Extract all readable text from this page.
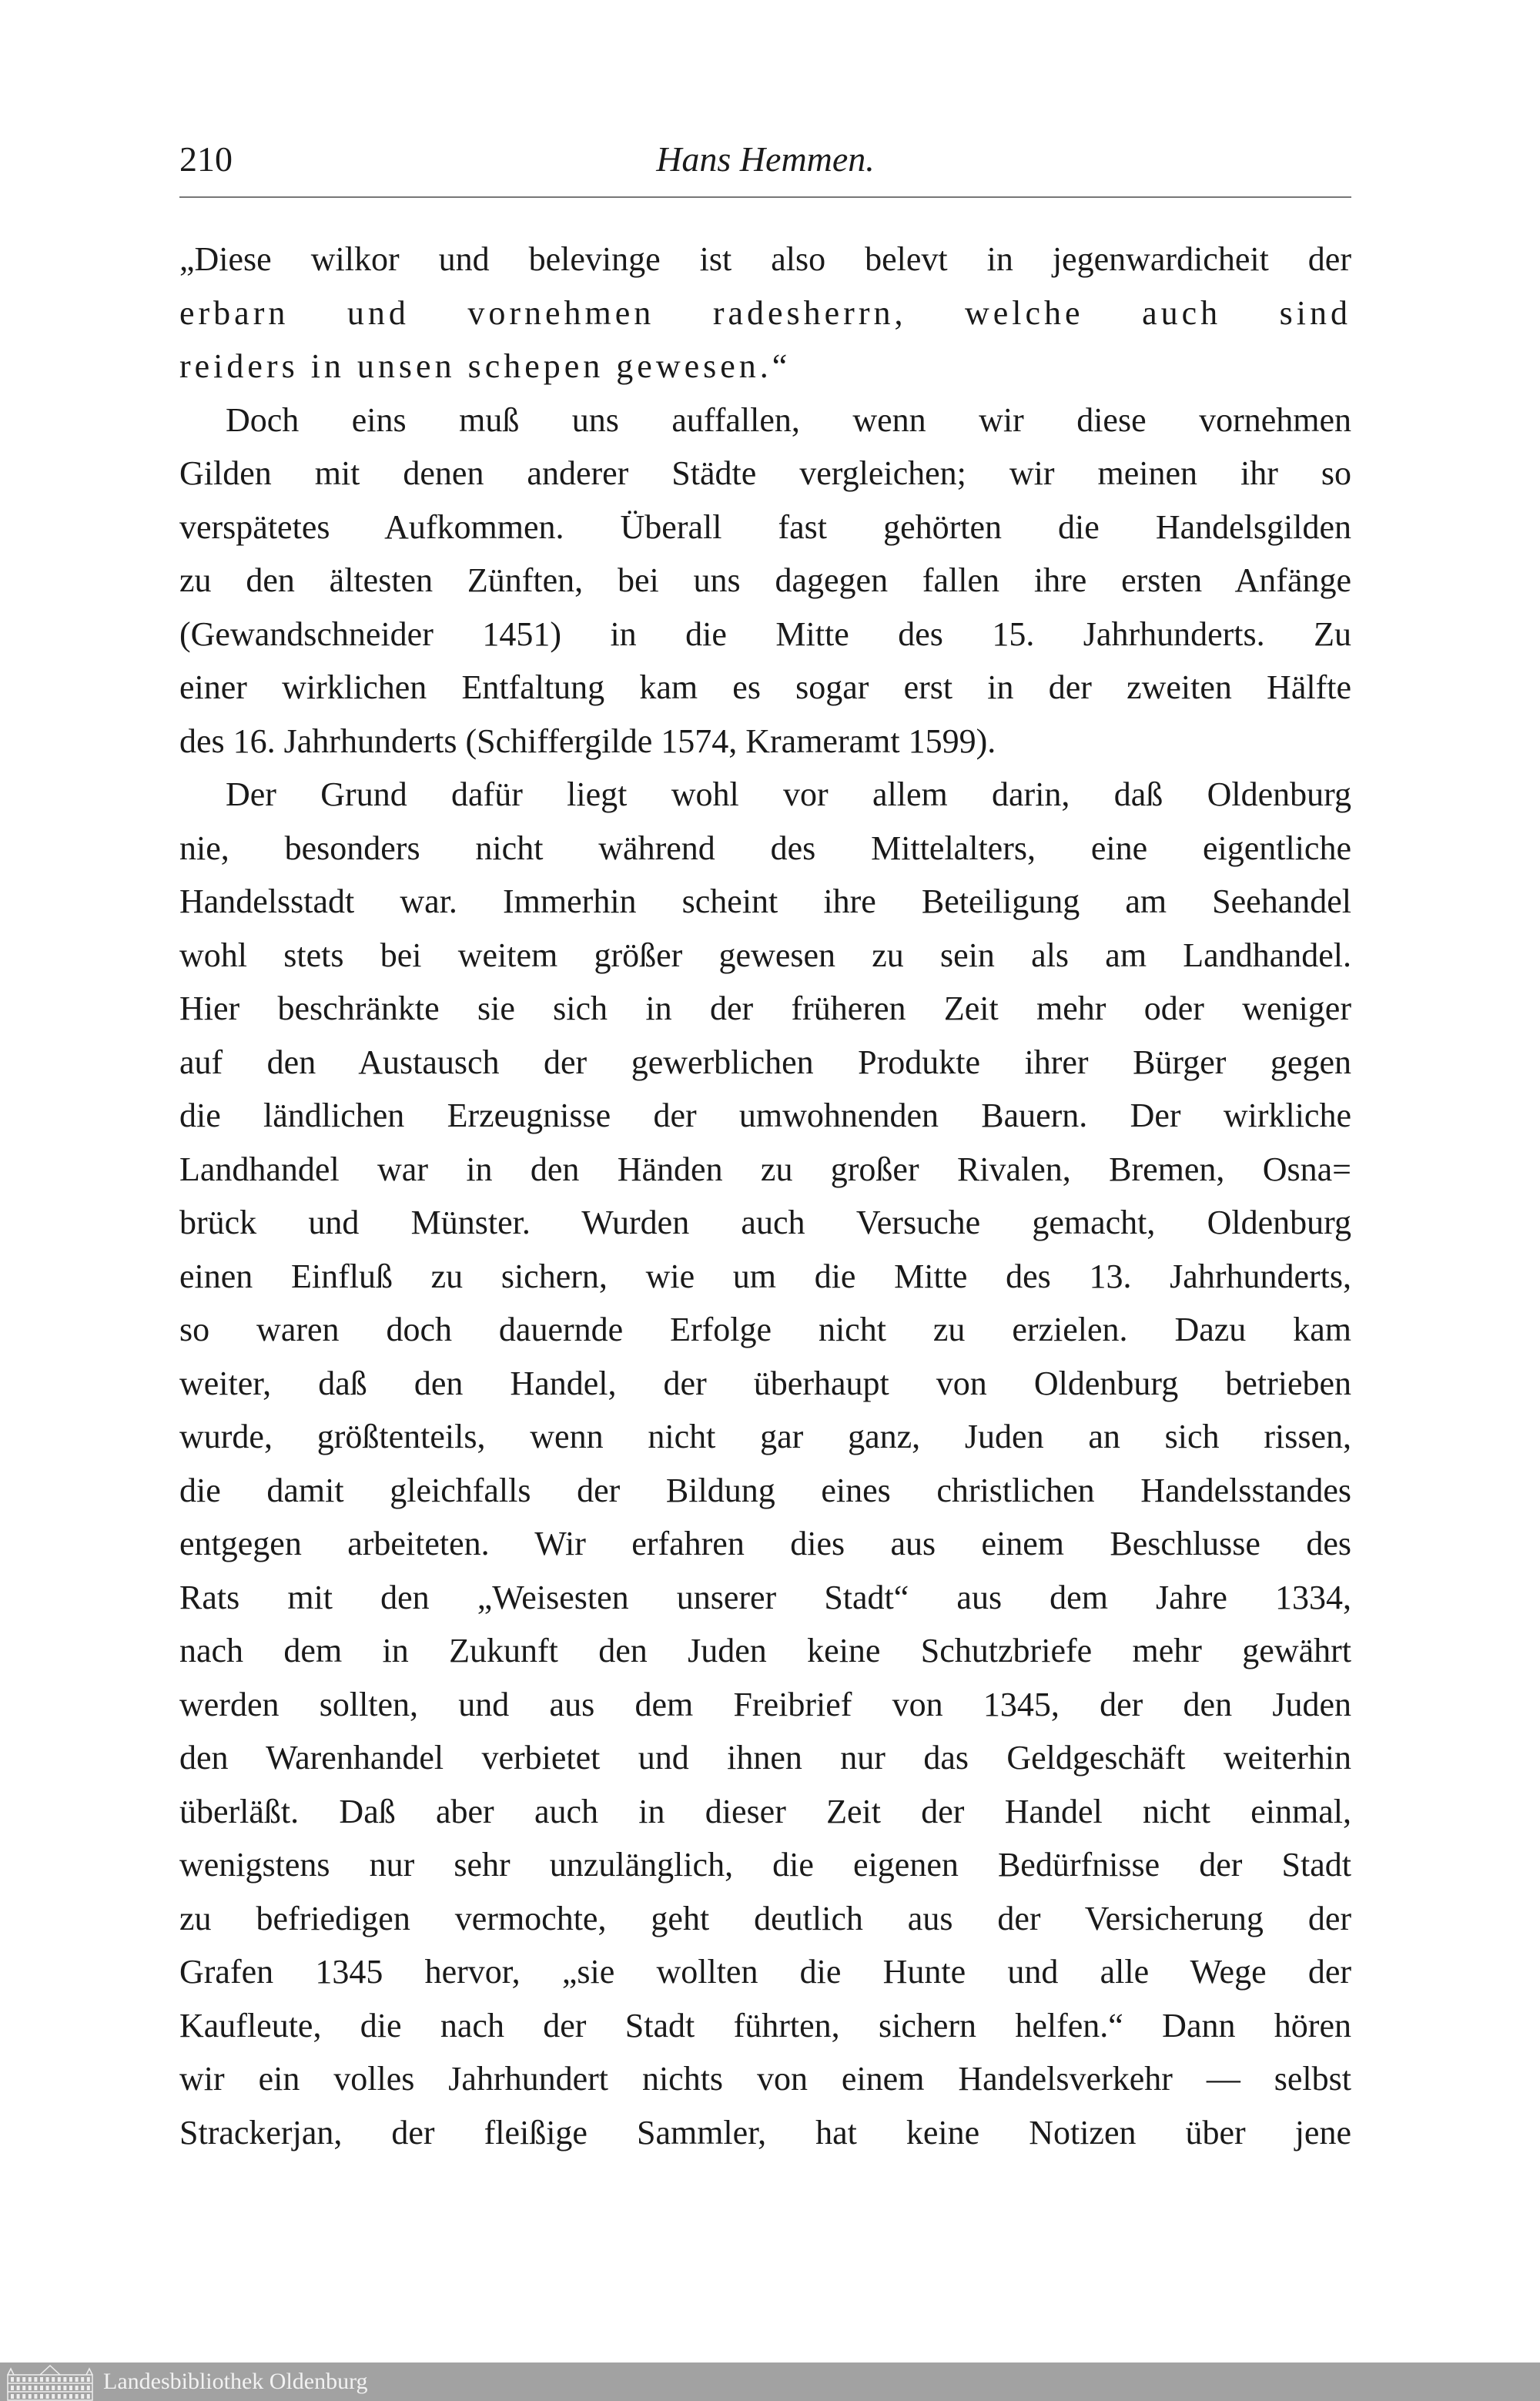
210	Hans Hemmen.
„Diese wilkor und belevinge ist also belevt in jegenwardicheit der
erbarn und vornehmen radesherrn, welche auch sind
reiders in unsen schepen gewesen.“
Doch eins muß uns auffallen, wenn wir diese vornehmen
Gilden mit denen anderer Städte vergleichen; wir meinen ihr so
verspätetes Aufkommen. Überall fast gehörten die Handelsgilden
zu den ältesten Zünften, bei uns dagegen fallen ihre ersten Anfänge
(Gewandschneider 1451) in die Mitte des 15. Jahrhunderts. Zu
einer wirklichen Entfaltung kam es sogar erst in der zweiten Hälfte
des 16. Jahrhunderts (Schiffergilde 1574, Krameramt 1599).
Der Grund dafür liegt wohl vor allem darin, daß Oldenburg
nie, besonders nicht während des Mittelalters, eine eigentliche
Handelsstadt war. Immerhin scheint ihre Beteiligung am Seehandel
wohl stets bei weitem größer gewesen zu sein als am Landhandel.
Hier beschränkte sie sich in der früheren Zeit mehr oder weniger
auf den Austausch der gewerblichen Produkte ihrer Bürger gegen
die ländlichen Erzeugnisse der umwohnenden Bauern. Der wirkliche
Landhandel war in den Händen zu großer Rivalen, Bremen, Osna=
brück und Münster. Wurden auch Versuche gemacht, Oldenburg
einen Einfluß zu sichern, wie um die Mitte des 13. Jahrhunderts,
so waren doch dauernde Erfolge nicht zu erzielen. Dazu kam
weiter, daß den Handel, der überhaupt von Oldenburg betrieben
wurde, größtenteils, wenn nicht gar ganz, Juden an sich rissen,
die damit gleichfalls der Bildung eines christlichen Handelsstandes
entgegen arbeiteten. Wir erfahren dies aus einem Beschlusse des
Rats mit den „Weisesten unserer Stadt“ aus dem Jahre 1334,
nach dem in Zukunft den Juden keine Schutzbriefe mehr gewährt
werden sollten, und aus dem Freibrief von 1345, der den Juden
den Warenhandel verbietet und ihnen nur das Geldgeschäft weiterhin
überläßt. Daß aber auch in dieser Zeit der Handel nicht einmal,
wenigstens nur sehr unzulänglich, die eigenen Bedürfnisse der Stadt
zu befriedigen vermochte, geht deutlich aus der Versicherung der
Grafen 1345 hervor, „sie wollten die Hunte und alle Wege der
Kaufleute, die nach der Stadt führten, sichern helfen.“ Dann hören
wir ein volles Jahrhundert nichts von einem Handelsverkehr — selbst
Strackerjan, der fleißige Sammler, hat keine Notizen über jene
Landesbibliothek Oldenburg
